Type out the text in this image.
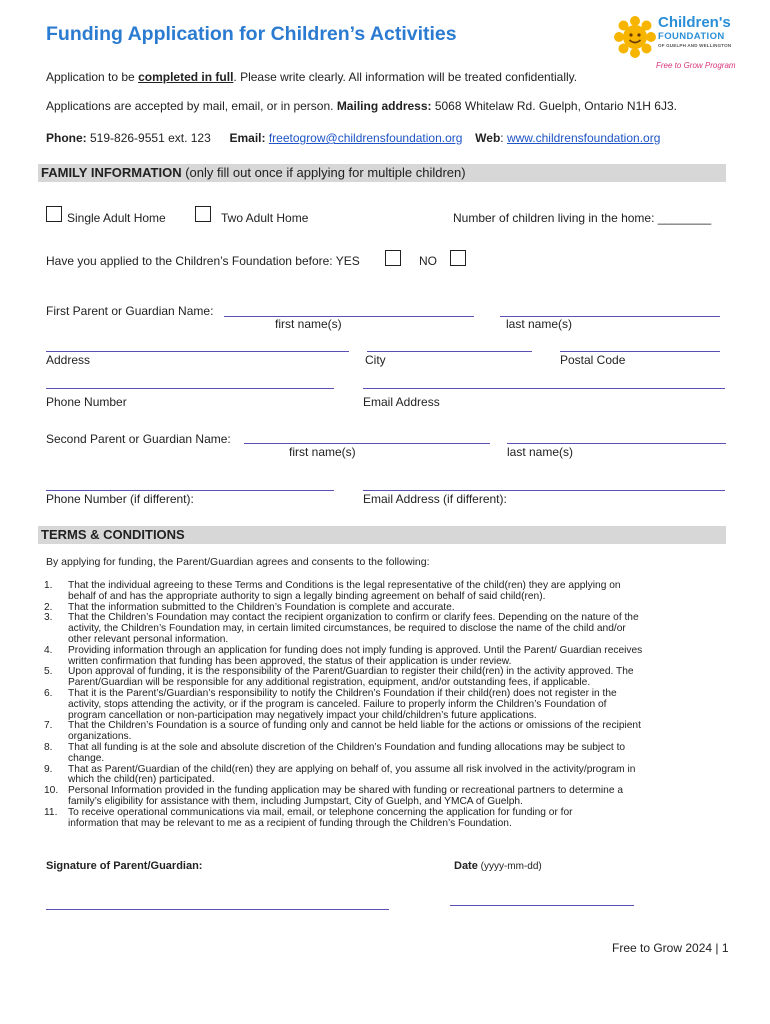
Funding Application for Children’s Activities
Children's
FOUNDATION
OF GUELPH AND WELLINGTON
Free to Grow Program
Application to be completed in full. Please write clearly. All information will be treated confidentially.
Applications are accepted by mail, email, or in person. Mailing address: 5068 Whitelaw Rd. Guelph, Ontario N1H 6J3.
Phone: 519-826-9551 ext. 123 Email: freetogrow@childrensfoundation.org Web: www.childrensfoundation.org
FAMILY INFORMATION (only fill out once if applying for multiple children)
Single Adult Home	Two Adult Home	Number of children living in the home: ________
Have you applied to the Children’s Foundation before: YES	NO
First Parent or Guardian Name:
first name(s)	last name(s)
Address	City	Postal Code
Phone Number	Email Address
Second Parent or Guardian Name:
first name(s)	last name(s)
Phone Number (if different):	Email Address (if different):
TERMS & CONDITIONS
By applying for funding, the Parent/Guardian agrees and consents to the following:
1.	That the individual agreeing to these Terms and Conditions is the legal representative of the child(ren) they are applying on
behalf of and has the appropriate authority to sign a legally binding agreement on behalf of said child(ren).
2.	That the information submitted to the Children’s Foundation is complete and accurate.
3.	That the Children’s Foundation may contact the recipient organization to confirm or clarify fees. Depending on the nature of the
activity, the Children’s Foundation may, in certain limited circumstances, be required to disclose the name of the child and/or
other relevant personal information.
4.	Providing information through an application for funding does not imply funding is approved. Until the Parent/ Guardian receives
written confirmation that funding has been approved, the status of their application is under review.
5.	Upon approval of funding, it is the responsibility of the Parent/Guardian to register their child(ren) in the activity approved. The
Parent/Guardian will be responsible for any additional registration, equipment, and/or outstanding fees, if applicable.
6.	That it is the Parent’s/Guardian’s responsibility to notify the Children’s Foundation if their child(ren) does not register in the
activity, stops attending the activity, or if the program is canceled. Failure to properly inform the Children’s Foundation of
program cancellation or non-participation may negatively impact your child/children’s future applications.
7.	That the Children’s Foundation is a source of funding only and cannot be held liable for the actions or omissions of the recipient
organizations.
8.	That all funding is at the sole and absolute discretion of the Children’s Foundation and funding allocations may be subject to
change.
9.	That as Parent/Guardian of the child(ren) they are applying on behalf of, you assume all risk involved in the activity/program in
which the child(ren) participated.
10. Personal Information provided in the funding application may be shared with funding or recreational partners to determine a
family’s eligibility for assistance with them, including Jumpstart, City of Guelph, and YMCA of Guelph.
11.	To receive operational communications via mail, email, or telephone concerning the application for funding or for
information that may be relevant to me as a recipient of funding through the Children’s Foundation.
Signature of Parent/Guardian:	Date (yyyy-mm-dd)
Free to Grow 2024 | 1
